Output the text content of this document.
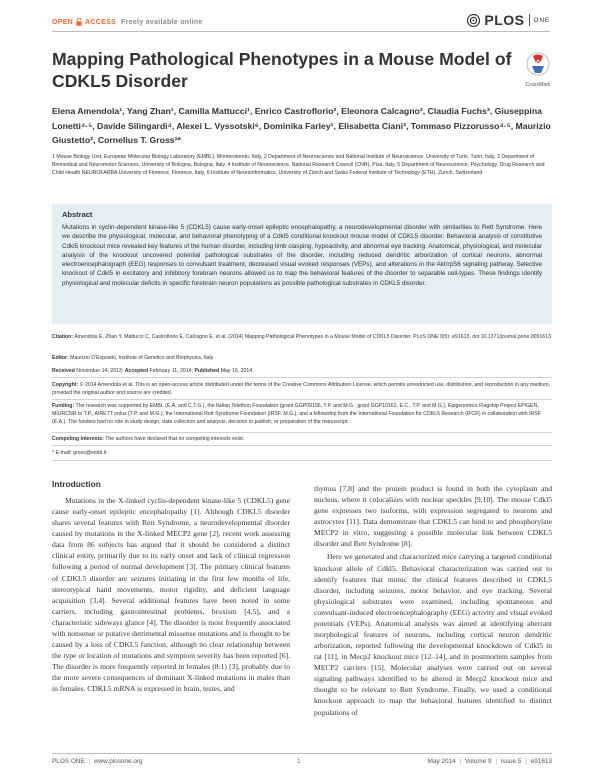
OPEN ACCESS Freely available online	PLOS ONE
Mapping Pathological Phenotypes in a Mouse Model of CDKL5 Disorder	CrossMark

Elena Amendola¹, Yang Zhan¹, Camilla Mattucci¹, Enrico Castroflorio², Eleonora Calcagno², Claudia Fuchs³, Giuseppina Lonetti⁴·⁵, Davide Silingardi⁴, Alexei L. Vyssotski⁶, Dominika Farley¹, Elisabetta Ciani³, Tommaso Pizzorusso⁴·⁵, Maurizio Giustetto², Cornelius T. Gross¹*

1 Mouse Biology Unit, European Molecular Biology Laboratory (EMBL), Monterotondo, Italy, 2 Department of Neuroscience and National Institute of Neuroscience, University of Turin, Turin, Italy, 3 Department of Biomedical and Neuromotor Sciences, University of Bologna, Bologna, Italy, 4 Institute of Neuroscience, National Research Council (CNR), Pisa, Italy, 5 Department of Neuroscience, Psychology, Drug Research and Child Health NEUROFARBA University of Florence, Florence, Italy, 6 Institute of Neuroinformatics, University of Zürich and Swiss Federal Institute of Technology (ETH), Zurich, Switzerland

Abstract

Mutations in cyclin-dependent kinase-like 5 (CDKL5) cause early-onset epileptic encephalopathy, a neurodevelopmental disorder with similarities to Rett Syndrome. Here we describe the physiological, molecular, and behavioral phenotyping of a Cdkl5 conditional knockout mouse model of CDKL5 disorder. Behavioral analysis of constitutive Cdkl5 knockout mice revealed key features of the human disorder, including limb clasping, hypoactivity, and abnormal eye tracking. Anatomical, physiological, and molecular analysis of the knockout uncovered potential pathological substrates of the disorder, including reduced dendritic arborization of cortical neurons, abnormal electroencephalograph (EEG) responses to convulsant treatment, decreased visual evoked responses (VEPs), and alterations in the Akt/rpS6 signaling pathway. Selective knockout of Cdkl5 in excitatory and inhibitory forebrain neurons allowed us to map the behavioral features of the disorder to separable cell-types. These findings identify physiological and molecular deficits in specific forebrain neuron populations as possible pathological substrates in CDKL5 disorder.

Citation: Amendola E, Zhan Y, Mattucci C, Castroflorio E, Calcagno E, et al. (2014) Mapping Pathological Phenotypes in a Mouse Model of CDKL5 Disorder. PLoS ONE 9(5): e91613. doi:10.1371/journal.pone.0091613

Editor: Maurizio D'Esposito, Institute of Genetics and Biophysics, Italy

Received November 14, 2013; Accepted February 11, 2014; Published May 16, 2014

Copyright: © 2014 Amendola et al. This is an open-access article distributed under the terms of the Creative Commons Attribution License, which permits unrestricted use, distribution, and reproduction in any medium, provided the original author and source are credited.

Funding: The research was supported by EMBL (E.A. and C.T.G.), the Italian Telethon Foundation (grant GGP09196, T.P. and M.G.; grant GGP10162, E.C., T.P. and M.G.), Epigenomics Flagship Project EPIGEN, MIURCNR to T.P., AIRETT onlus (T.P. and M.G.), the International Rett Syndrome Foundation (IRSF, M.G.), and a fellowship from the International Foundation for CDKL5 Research (IFCR) in collaboration with IRSF (E.A.). The funders had no role in study design, data collection and analysis, decision to publish, or preparation of the manuscript.

Competing Interests: The authors have declared that no competing interests exist.

* E-mail: gross@embl.it

Introduction

Mutations in the X-linked cyclin-dependent kinase-like 5 (CDKL5) gene cause early-onset epileptic encephalopathy [1]. Although CDKL5 disorder shares several features with Rett Syndrome, a neurodevelopmental disorder caused by mutations in the X-linked MECP2 gene [2], recent work assessing data from 86 subjects has argued that it should be considered a distinct clinical entity, primarily due to its early onset and lack of clinical regression following a period of normal development [3]. The primary clinical features of CDKL5 disorder are seizures initiating in the first few months of life, stereotypical hand movements, motor rigidity, and deficient language acquisition [3,4]. Several additional features have been noted in some carriers, including gastrointestinal problems, bruxism [4,5], and a characteristic sideways glance [4]. The disorder is most frequently associated with nonsense or putative detrimental missense mutations and is thought to be caused by a loss of CDKL5 function, although no clear relationship between the type or location of mutations and symptom severity has been reported [6]. The disorder is more frequently reported in females (8:1) [3], probably due to the more severe consequences of dominant X-linked mutations in males than in females. CDKL5 mRNA is expressed in brain, testes, and

thymus [7,8] and the protein product is found in both the cytoplasm and nucleus, where it colocalizes with nuclear speckles [9,10]. The mouse Cdkl5 gene expresses two isoforms, with expression segregated to neurons and astrocytes [11]. Data demonstrate that CDKL5 can bind to and phosphorylate MECP2 in vitro, suggesting a possible molecular link between CDKL5 disorder and Rett Syndrome [8].

Here we generated and characterized mice carrying a targeted conditional knockout allele of Cdkl5. Behavioral characterization was carried out to identify features that mimic the clinical features described in CDKL5 disorder, including seizures, motor behavior, and eye tracking. Several physiological substrates were examined, including spontaneous and convulsant-induced electroencephalography (EEG) activity and visual evoked potentials (VEPs). Anatomical analysis was aimed at identifying aberrant morphological features of neurons, including cortical neuron dendritic arborization, reported following the developmental knockdown of Cdkl5 in rat [11], in Mecp2 knockout mice [12–14], and in postmortem samples from MECP2 carriers [15]. Molecular analyses were carried out on several signaling pathways identified to be altered in Mecp2 knockout mice and thought to be relevant to Rett Syndrome. Finally, we used a conditional knockout approach to map the behavioral features identified to distinct populations of

PLOS ONE | www.plosone.org	1	May 2014 | Volume 9 | Issue 5 | e91613
